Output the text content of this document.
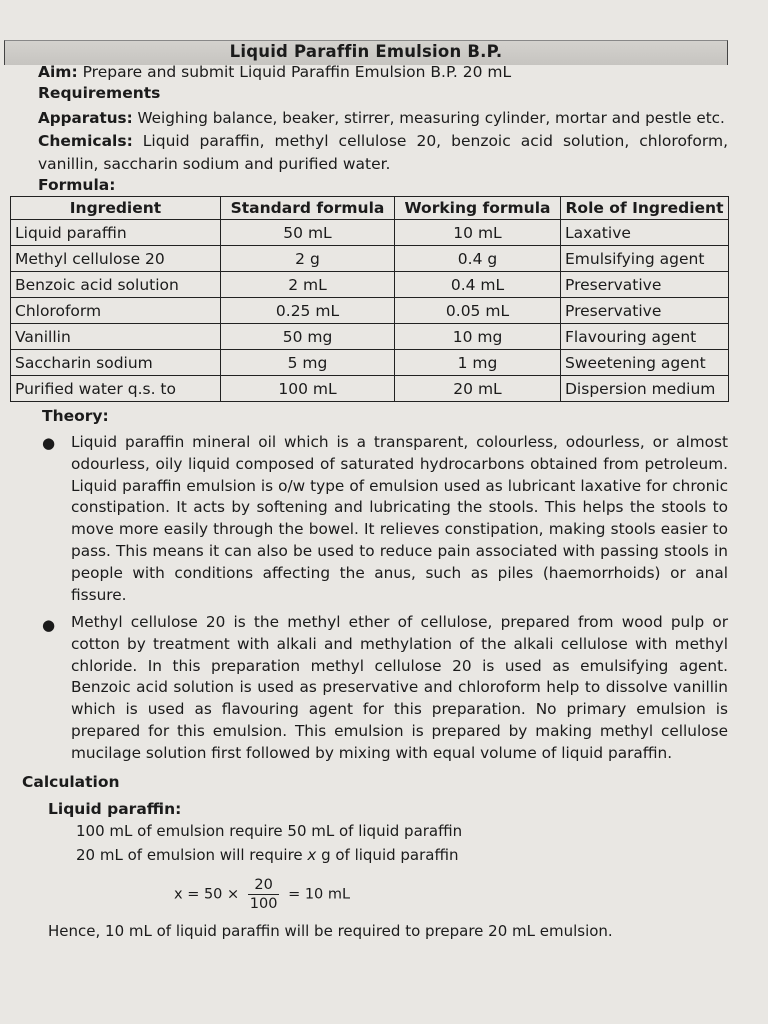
Liquid Paraffin Emulsion B.P.
Aim: Prepare and submit Liquid Paraffin Emulsion B.P. 20 mL
Requirements
Apparatus: Weighing balance, beaker, stirrer, measuring cylinder, mortar and pestle etc.
Chemicals: Liquid paraffin, methyl cellulose 20, benzoic acid solution, chloroform,
vanillin, saccharin sodium and purified water.
Formula:
Ingredient	Standard formula	Working formula	Role of Ingredient
Liquid paraffin	50 mL	10 mL	Laxative
Methyl cellulose 20	2 g	0.4 g	Emulsifying agent
Benzoic acid solution	2 mL	0.4 mL	Preservative
Chloroform	0.25 mL	0.05 mL	Preservative
Vanillin	50 mg	10 mg	Flavouring agent
Saccharin sodium	5 mg	1 mg	Sweetening agent
Purified water q.s. to	100 mL	20 mL	Dispersion medium
Theory:
● Liquid paraffin mineral oil which is a transparent, colourless, odourless, or almost odourless, oily liquid composed of saturated hydrocarbons obtained from petroleum. Liquid paraffin emulsion is o/w type of emulsion used as lubricant laxative for chronic constipation. It acts by softening and lubricating the stools. This helps the stools to move more easily through the bowel. It relieves constipation, making stools easier to pass. This means it can also be used to reduce pain associated with passing stools in people with conditions affecting the anus, such as piles (haemorrhoids) or anal fissure.
● Methyl cellulose 20 is the methyl ether of cellulose, prepared from wood pulp or cotton by treatment with alkali and methylation of the alkali cellulose with methyl chloride. In this preparation methyl cellulose 20 is used as emulsifying agent. Benzoic acid solution is used as preservative and chloroform help to dissolve vanillin which is used as flavouring agent for this preparation. No primary emulsion is prepared for this emulsion. This emulsion is prepared by making methyl cellulose mucilage solution first followed by mixing with equal volume of liquid paraffin.
Calculation
Liquid paraffin:
100 mL of emulsion require 50 mL of liquid paraffin
20 mL of emulsion will require x g of liquid paraffin
$x = 50 \times \frac{20}{100} = 10$ mL
Hence, 10 mL of liquid paraffin will be required to prepare 20 mL emulsion.
